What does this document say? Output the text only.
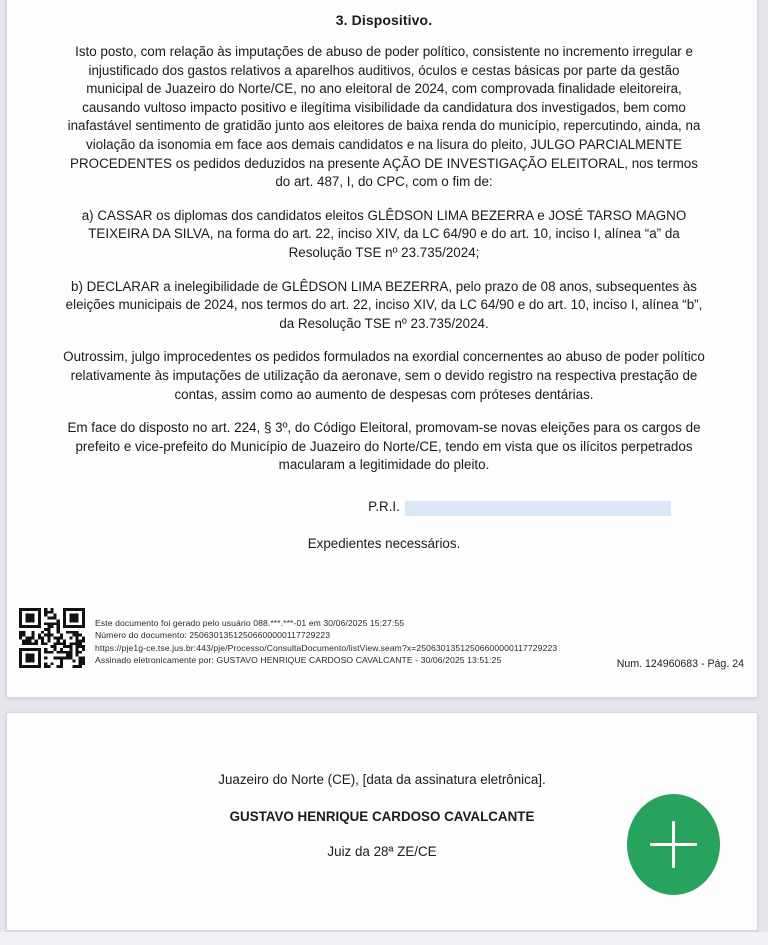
3. Dispositivo.

Isto posto, com relação às imputações de abuso de poder político, consistente no incremento irregular e injustificado dos gastos relativos a aparelhos auditivos, óculos e cestas básicas por parte da gestão municipal de Juazeiro do Norte/CE, no ano eleitoral de 2024, com comprovada finalidade eleitoreira, causando vultoso impacto positivo e ilegítima visibilidade da candidatura dos investigados, bem como inafastável sentimento de gratidão junto aos eleitores de baixa renda do município, repercutindo, ainda, na violação da isonomia em face aos demais candidatos e na lisura do pleito, JULGO PARCIALMENTE PROCEDENTES os pedidos deduzidos na presente AÇÃO DE INVESTIGAÇÃO ELEITORAL, nos termos do art. 487, I, do CPC, com o fim de:

a) CASSAR os diplomas dos candidatos eleitos GLÊDSON LIMA BEZERRA e JOSÉ TARSO MAGNO TEIXEIRA DA SILVA, na forma do art. 22, inciso XIV, da LC 64/90 e do art. 10, inciso I, alínea “a” da Resolução TSE nº 23.735/2024;

b) DECLARAR a inelegibilidade de GLÊDSON LIMA BEZERRA, pelo prazo de 08 anos, subsequentes às eleições municipais de 2024, nos termos do art. 22, inciso XIV, da LC 64/90 e do art. 10, inciso I, alínea “b”, da Resolução TSE nº 23.735/2024.

Outrossim, julgo improcedentes os pedidos formulados na exordial concernentes ao abuso de poder político relativamente às imputações de utilização da aeronave, sem o devido registro na respectiva prestação de contas, assim como ao aumento de despesas com próteses dentárias.

Em face do disposto no art. 224, § 3º, do Código Eleitoral, promovam-se novas eleições para os cargos de prefeito e vice-prefeito do Município de Juazeiro do Norte/CE, tendo em vista que os ilícitos perpetrados macularam a legitimidade do pleito.

P.R.I.

Expedientes necessários.

Este documento foi gerado pelo usuário 088.***.***-01 em 30/06/2025 15:27:55
Número do documento: 25063013512506600000117729223
https://pje1g-ce.tse.jus.br:443/pje/Processo/ConsultaDocumento/listView.seam?x=25063013512506600000117729223
Assinado eletronicamente por: GUSTAVO HENRIQUE CARDOSO CAVALCANTE - 30/06/2025 13:51:25	Num. 124960683 - Pág. 24
Juazeiro do Norte (CE), [data da assinatura eletrônica].
GUSTAVO HENRIQUE CARDOSO CAVALCANTE
Juiz da 28ª ZE/CE
